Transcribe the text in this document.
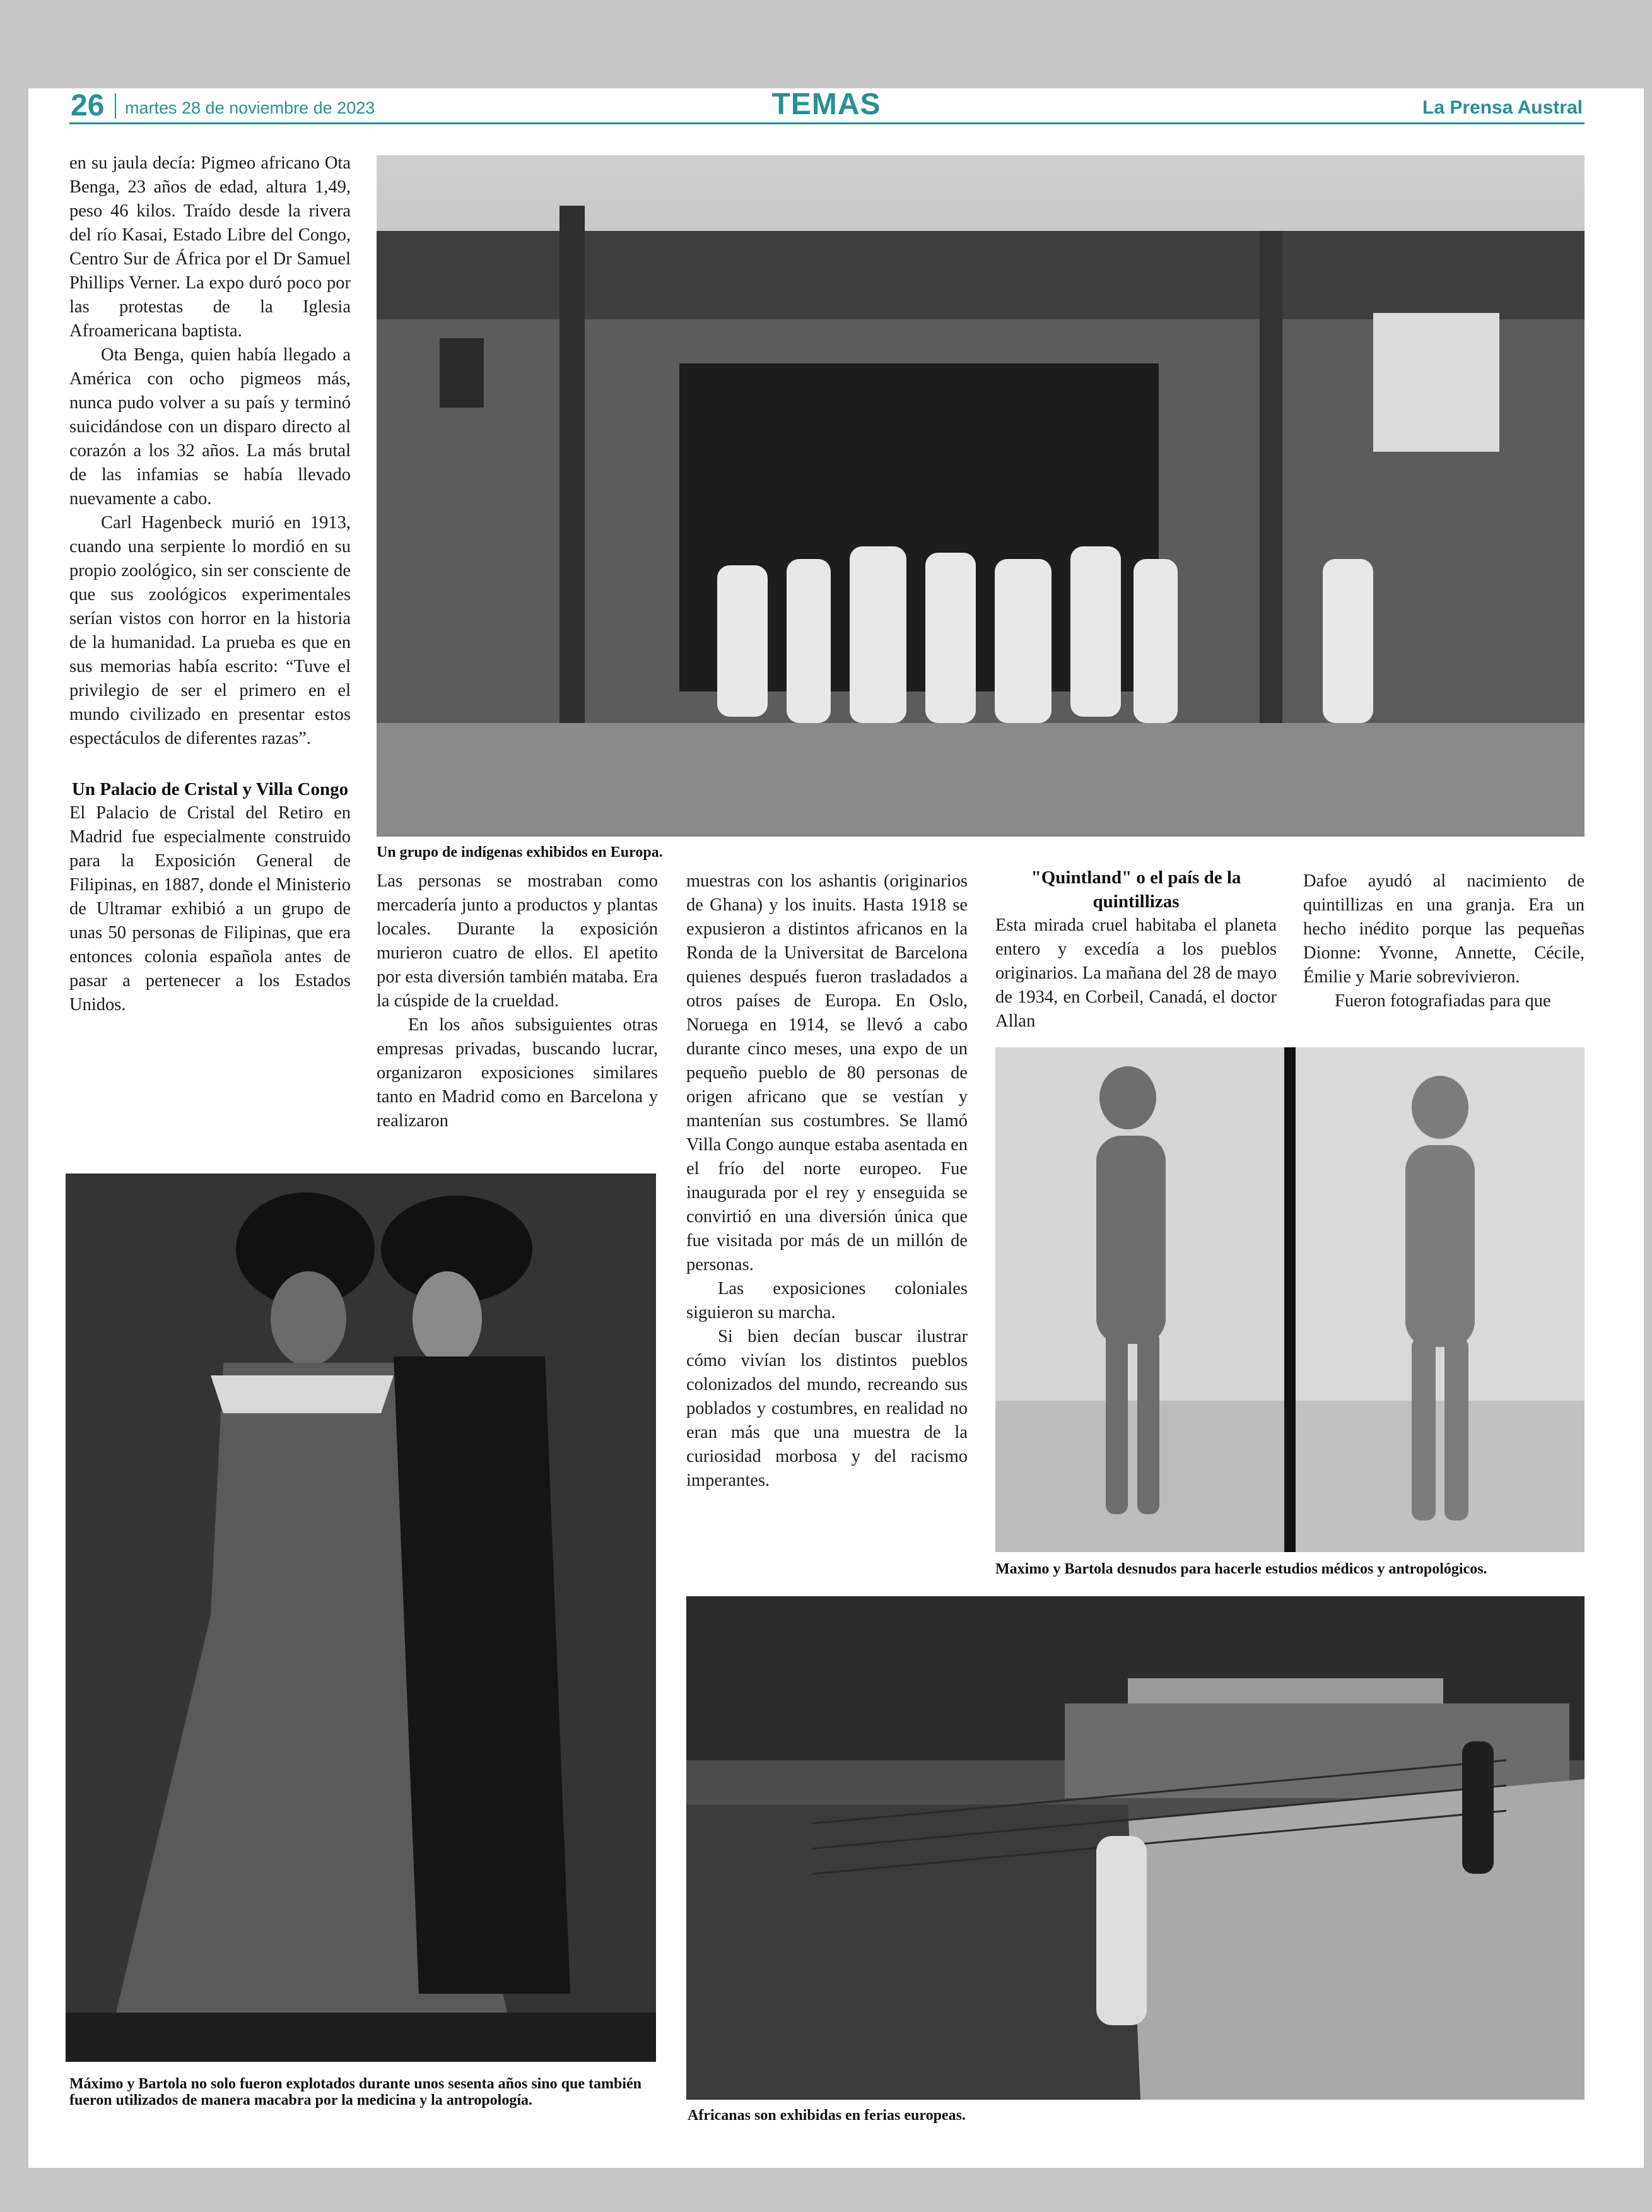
26 martes 28 de noviembre de 2023	TEMAS	La Prensa Austral

en su jaula decía: Pigmeo africano Ota Benga, 23 años de edad, altura 1,49, peso 46 kilos. Traído desde la rivera del río Kasai, Estado Libre del Congo, Centro Sur de África por el Dr Samuel Phillips Verner. La expo duró poco por las protestas de la Iglesia Afroamericana baptista.

Ota Benga, quien había llegado a América con ocho pigmeos más, nunca pudo volver a su país y terminó suicidándose con un disparo directo al corazón a los 32 años. La más brutal de las infamias se había llevado nuevamente a cabo.

Carl Hagenbeck murió en 1913, cuando una serpiente lo mordió en su propio zoológico, sin ser consciente de que sus zoológicos experimentales serían vistos con horror en la historia de la humanidad. La prueba es que en sus memorias había escrito: “Tuve el privilegio de ser el primero en el mundo civilizado en presentar estos espectáculos de diferentes razas”.

Un Palacio de Cristal y Villa Congo

El Palacio de Cristal del Retiro en Madrid fue especialmente construido para la Exposición General de Filipinas, en 1887, donde el Ministerio de Ultramar exhibió a un grupo de unas 50 personas de Filipinas, que era entonces colonia española antes de pasar a pertenecer a los Estados Unidos.

Un grupo de indígenas exhibidos en Europa.

Las personas se mostraban como mercadería junto a productos y plantas locales. Durante la exposición murieron cuatro de ellos. El apetito por esta diversión también mataba. Era la cúspide de la crueldad.

En los años subsiguientes otras empresas privadas, buscando lucrar, organizaron exposiciones similares tanto en Madrid como en Barcelona y realizaron

muestras con los ashantis (originarios de Ghana) y los inuits. Hasta 1918 se expusieron a distintos africanos en la Ronda de la Universitat de Barcelona quienes después fueron trasladados a otros países de Europa. En Oslo, Noruega en 1914, se llevó a cabo durante cinco meses, una expo de un pequeño pueblo de 80 personas de origen africano que se vestían y mantenían sus costumbres. Se llamó Villa Congo aunque estaba asentada en el frío del norte europeo. Fue inaugurada por el rey y enseguida se convirtió en una diversión única que fue visitada por más de un millón de personas.

Las exposiciones coloniales siguieron su marcha.

Si bien decían buscar ilustrar cómo vivían los distintos pueblos colonizados del mundo, recreando sus poblados y costumbres, en realidad no eran más que una muestra de la curiosidad morbosa y del racismo imperantes.

"Quintland" o el país de la quintillizas

Esta mirada cruel habitaba el planeta entero y excedía a los pueblos originarios. La mañana del 28 de mayo de 1934, en Corbeil, Canadá, el doctor Allan

Dafoe ayudó al nacimiento de quintillizas en una granja. Era un hecho inédito porque las pequeñas Dionne: Yvonne, Annette, Cécile, Émilie y Marie sobrevivieron.

Fueron fotografiadas para que

Máximo y Bartola no solo fueron explotados durante unos sesenta años sino que también fueron utilizados de manera macabra por la medicina y la antropología.
Maximo y Bartola desnudos para hacerle estudios médicos y antropológicos.
Africanas son exhibidas en ferias europeas.
